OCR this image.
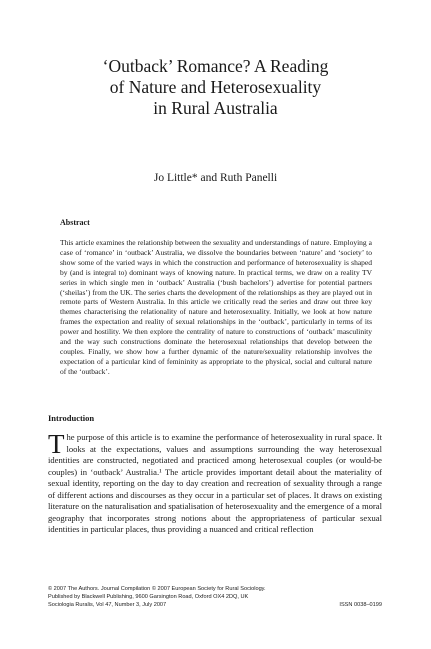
‘Outback’ Romance? A Reading
of Nature and Heterosexuality
in Rural Australia

Jo Little* and Ruth Panelli

Abstract

This article examines the relationship between the sexuality and understandings of nature. Employing a case of ‘romance’ in ‘outback’ Australia, we dissolve the boundaries between ‘nature’ and ‘society’ to show some of the varied ways in which the construction and performance of heterosexuality is shaped by (and is integral to) dominant ways of knowing nature. In practical terms, we draw on a reality TV series in which single men in ‘outback’ Australia (‘bush bachelors’) advertise for potential partners (‘sheilas’) from the UK. The series charts the development of the relationships as they are played out in remote parts of Western Australia. In this article we critically read the series and draw out three key themes characterising the relationality of nature and heterosexuality. Initially, we look at how nature frames the expectation and reality of sexual relationships in the ‘outback’, particularly in terms of its power and hostility. We then explore the centrality of nature to constructions of ‘outback’ masculinity and the way such constructions dominate the heterosexual relationships that develop between the couples. Finally, we show how a further dynamic of the nature/sexuality relationship involves the expectation of a particular kind of femininity as appropriate to the physical, social and cultural nature of the ‘outback’.

Introduction

The purpose of this article is to examine the performance of heterosexuality in rural space. It looks at the expectations, values and assumptions surrounding the way heterosexual identities are constructed, negotiated and practiced among heterosexual couples (or would-be couples) in ‘outback’ Australia.¹ The article provides important detail about the materiality of sexual identity, reporting on the day to day creation and recreation of sexuality through a range of different actions and discourses as they occur in a particular set of places. It draws on existing literature on the naturalisation and spatialisation of heterosexuality and the emergence of a moral geography that incorporates strong notions about the appropriateness of particular sexual identities in particular places, thus providing a nuanced and critical reflection

© 2007 The Authors. Journal Compilation © 2007 European Society for Rural Sociology.
Published by Blackwell Publishing, 9600 Garsington Road, Oxford OX4 2DQ, UK
Sociologia Ruralis, Vol 47, Number 3, July 2007	ISSN 0038–0199
